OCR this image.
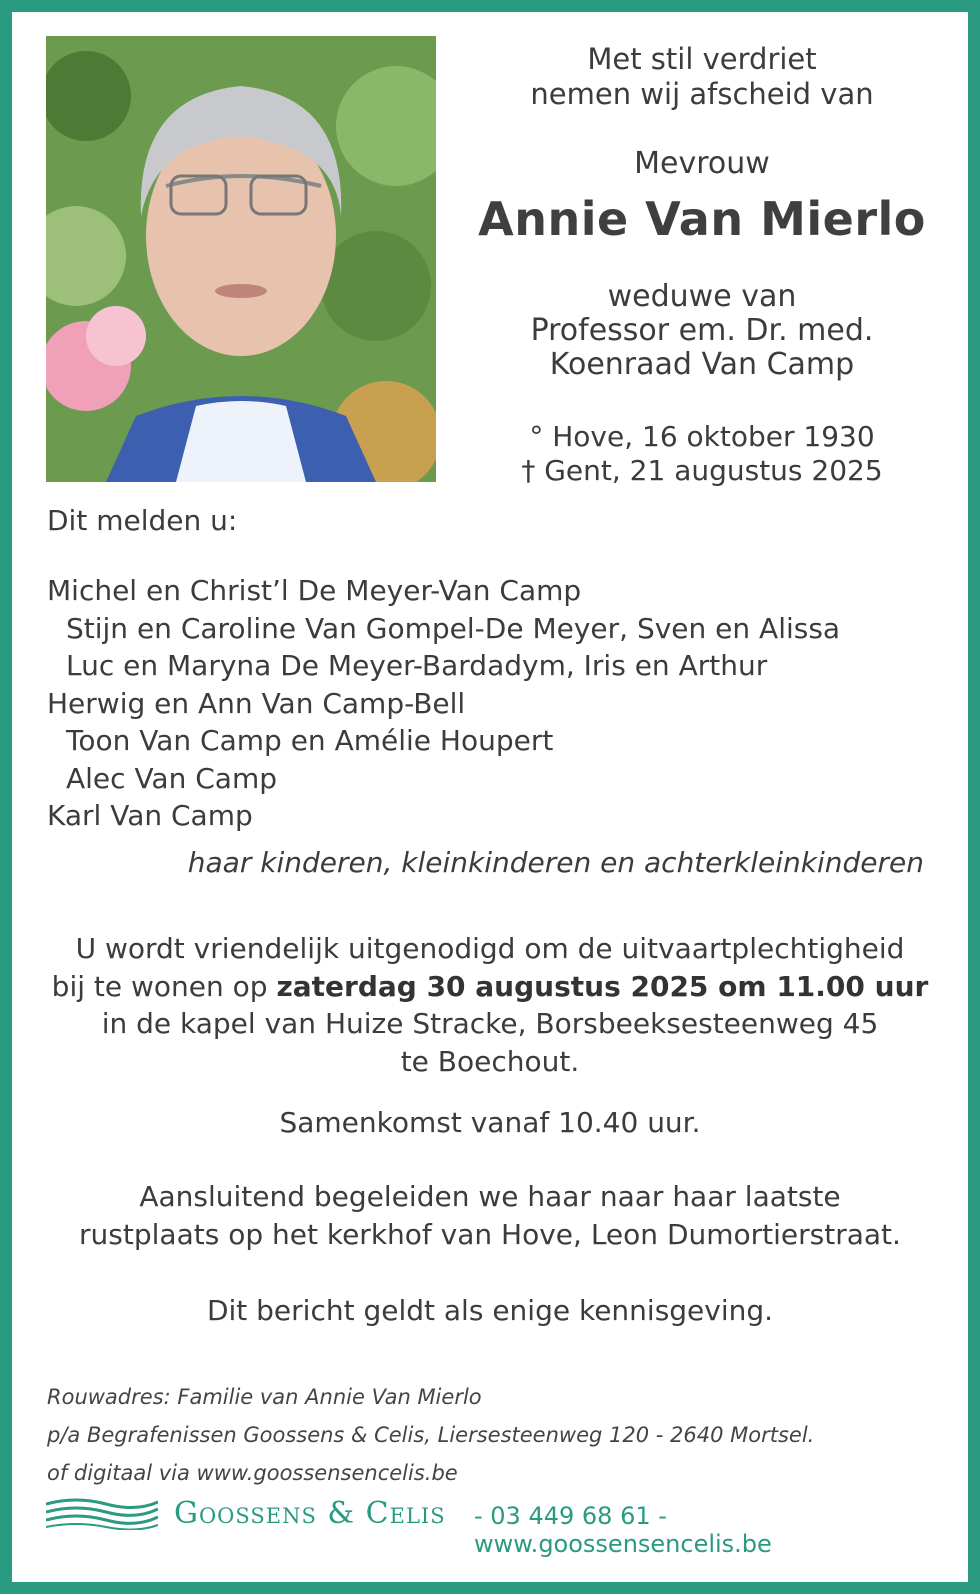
Met stil verdriet
nemen wij afscheid van
Mevrouw
Annie Van Mierlo
weduwe van
Professor em. Dr. med.
Koenraad Van Camp
° Hove, 16 oktober 1930
† Gent, 21 augustus 2025
Dit melden u:
Michel en Christ’l De Meyer-Van Camp
Stijn en Caroline Van Gompel-De Meyer, Sven en Alissa
Luc en Maryna De Meyer-Bardadym, Iris en Arthur
Herwig en Ann Van Camp-Bell
Toon Van Camp en Amélie Houpert
Alec Van Camp
Karl Van Camp
haar kinderen, kleinkinderen en achterkleinkinderen
U wordt vriendelijk uitgenodigd om de uitvaartplechtigheid
bij te wonen op zaterdag 30 augustus 2025 om 11.00 uur
in de kapel van Huize Stracke, Borsbeeksesteenweg 45
te Boechout.
Samenkomst vanaf 10.40 uur.
Aansluitend begeleiden we haar naar haar laatste
rustplaats op het kerkhof van Hove, Leon Dumortierstraat.
Dit bericht geldt als enige kennisgeving.
Rouwadres: Familie van Annie Van Mierlo
p/a Begrafenissen Goossens & Celis, Liersesteenweg 120 - 2640 Mortsel.
of digitaal via www.goossensencelis.be
Goossens & Celis - 03 449 68 61 - www.goossensencelis.be
